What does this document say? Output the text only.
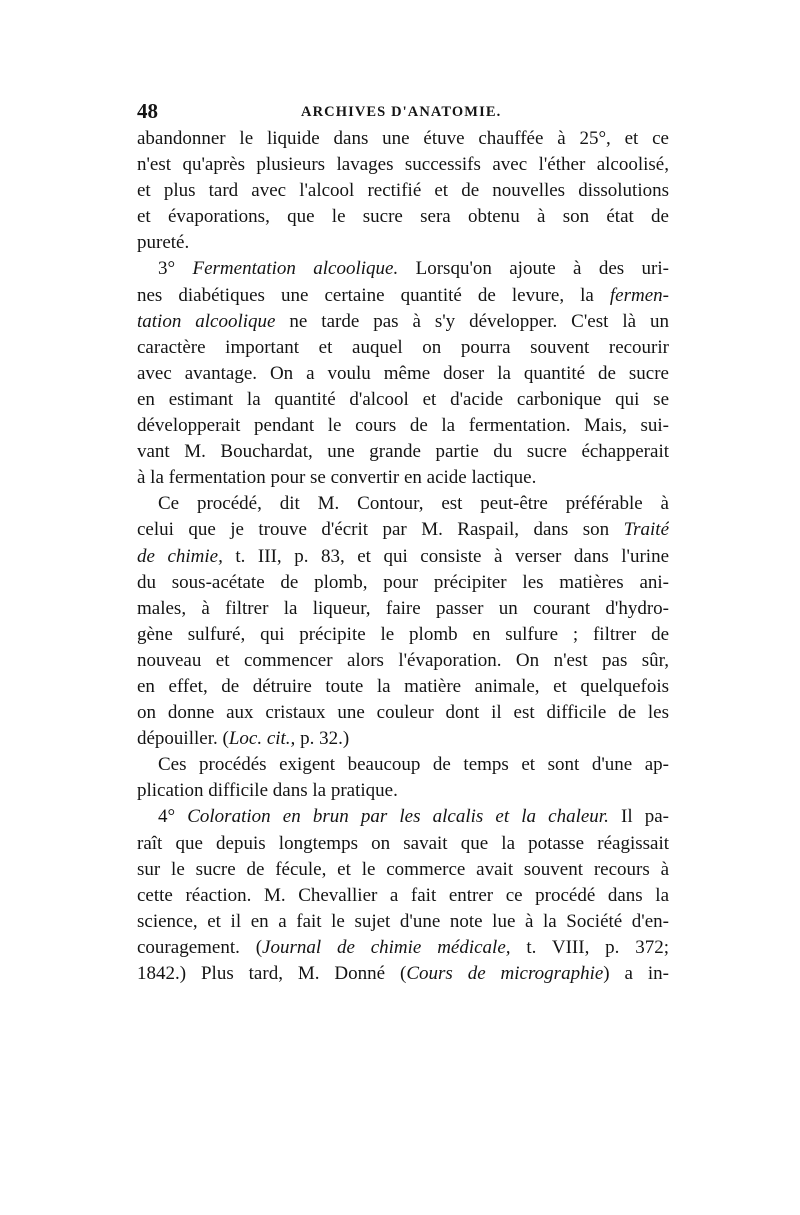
48	ARCHIVES D'ANATOMIE.
abandonner le liquide dans une étuve chauffée à 25°, et ce
n'est qu'après plusieurs lavages successifs avec l'éther alcoolisé,
et plus tard avec l'alcool rectifié et de nouvelles dissolutions
et évaporations, que le sucre sera obtenu à son état de
pureté.
3° Fermentation alcoolique. Lorsqu'on ajoute à des uri-
nes diabétiques une certaine quantité de levure, la fermen-
tation alcoolique ne tarde pas à s'y développer. C'est là un
caractère important et auquel on pourra souvent recourir
avec avantage. On a voulu même doser la quantité de sucre
en estimant la quantité d'alcool et d'acide carbonique qui se
développerait pendant le cours de la fermentation. Mais, sui-
vant M. Bouchardat, une grande partie du sucre échapperait
à la fermentation pour se convertir en acide lactique.
Ce procédé, dit M. Contour, est peut-être préférable à
celui que je trouve d'écrit par M. Raspail, dans son Traité
de chimie, t. III, p. 83, et qui consiste à verser dans l'urine
du sous-acétate de plomb, pour précipiter les matières ani-
males, à filtrer la liqueur, faire passer un courant d'hydro-
gène sulfuré, qui précipite le plomb en sulfure ; filtrer de
nouveau et commencer alors l'évaporation. On n'est pas sûr,
en effet, de détruire toute la matière animale, et quelquefois
on donne aux cristaux une couleur dont il est difficile de les
dépouiller. (Loc. cit., p. 32.)
Ces procédés exigent beaucoup de temps et sont d'une ap-
plication difficile dans la pratique.
4° Coloration en brun par les alcalis et la chaleur. Il pa-
raît que depuis longtemps on savait que la potasse réagissait
sur le sucre de fécule, et le commerce avait souvent recours à
cette réaction. M. Chevallier a fait entrer ce procédé dans la
science, et il en a fait le sujet d'une note lue à la Société d'en-
couragement. (Journal de chimie médicale, t. VIII, p. 372;
1842.) Plus tard, M. Donné (Cours de micrographie) a in-
